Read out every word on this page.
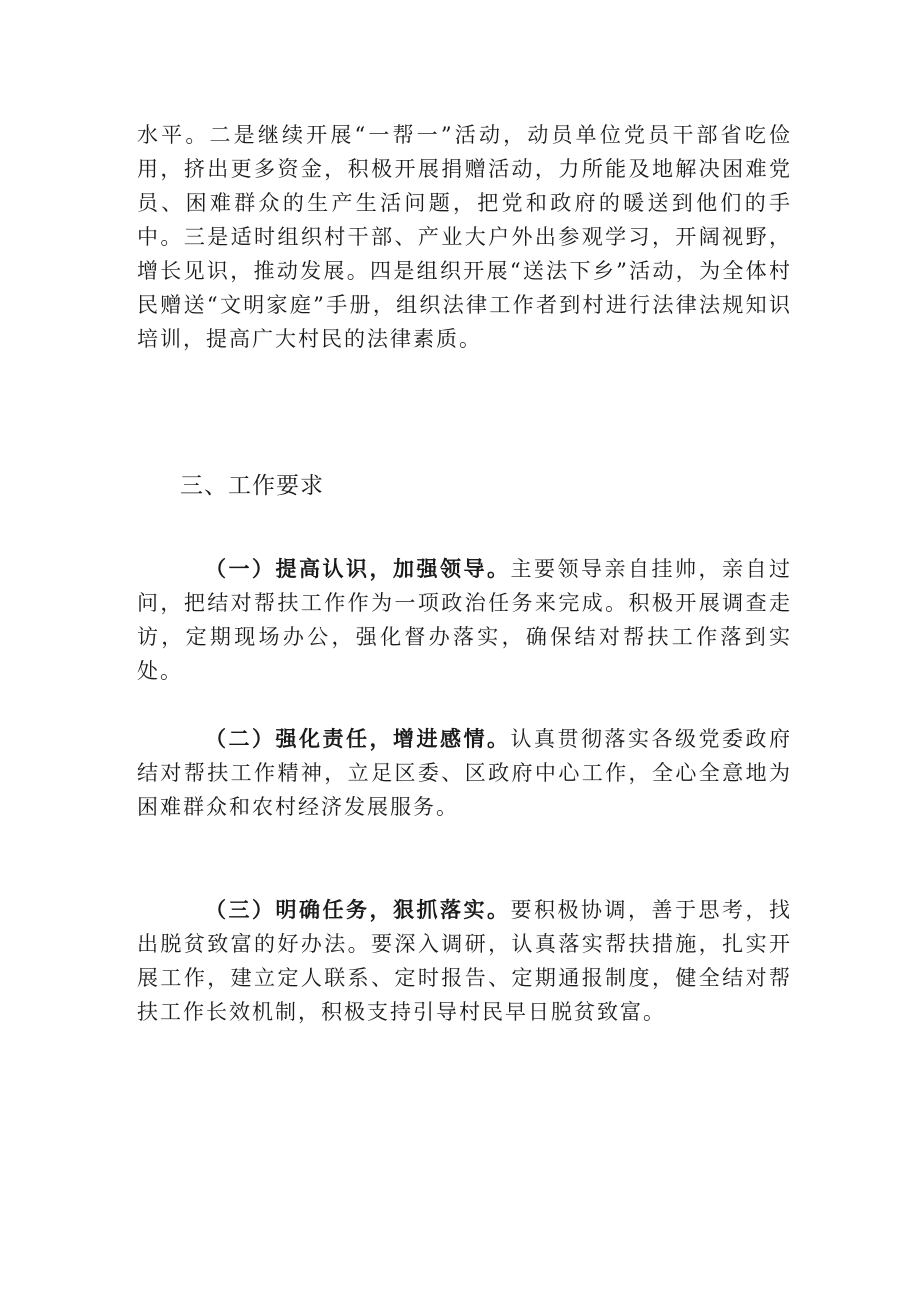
水平。二是继续开展“一帮一”活动，动员单位党员干部省吃俭用，挤出更多资金，积极开展捐赠活动，力所能及地解决困难党员、困难群众的生产生活问题，把党和政府的暖送到他们的手中。三是适时组织村干部、产业大户外出参观学习，开阔视野，增长见识，推动发展。四是组织开展“送法下乡”活动，为全体村民赠送“文明家庭”手册，组织法律工作者到村进行法律法规知识培训，提高广大村民的法律素质。

三、工作要求

（一）提高认识，加强领导。主要领导亲自挂帅，亲自过问，把结对帮扶工作作为一项政治任务来完成。积极开展调查走访，定期现场办公，强化督办落实，确保结对帮扶工作落到实处。

（二）强化责任，增进感情。认真贯彻落实各级党委政府结对帮扶工作精神，立足区委、区政府中心工作，全心全意地为困难群众和农村经济发展服务。

（三）明确任务，狠抓落实。要积极协调，善于思考，找出脱贫致富的好办法。要深入调研，认真落实帮扶措施，扎实开展工作，建立定人联系、定时报告、定期通报制度，健全结对帮扶工作长效机制，积极支持引导村民早日脱贫致富。
